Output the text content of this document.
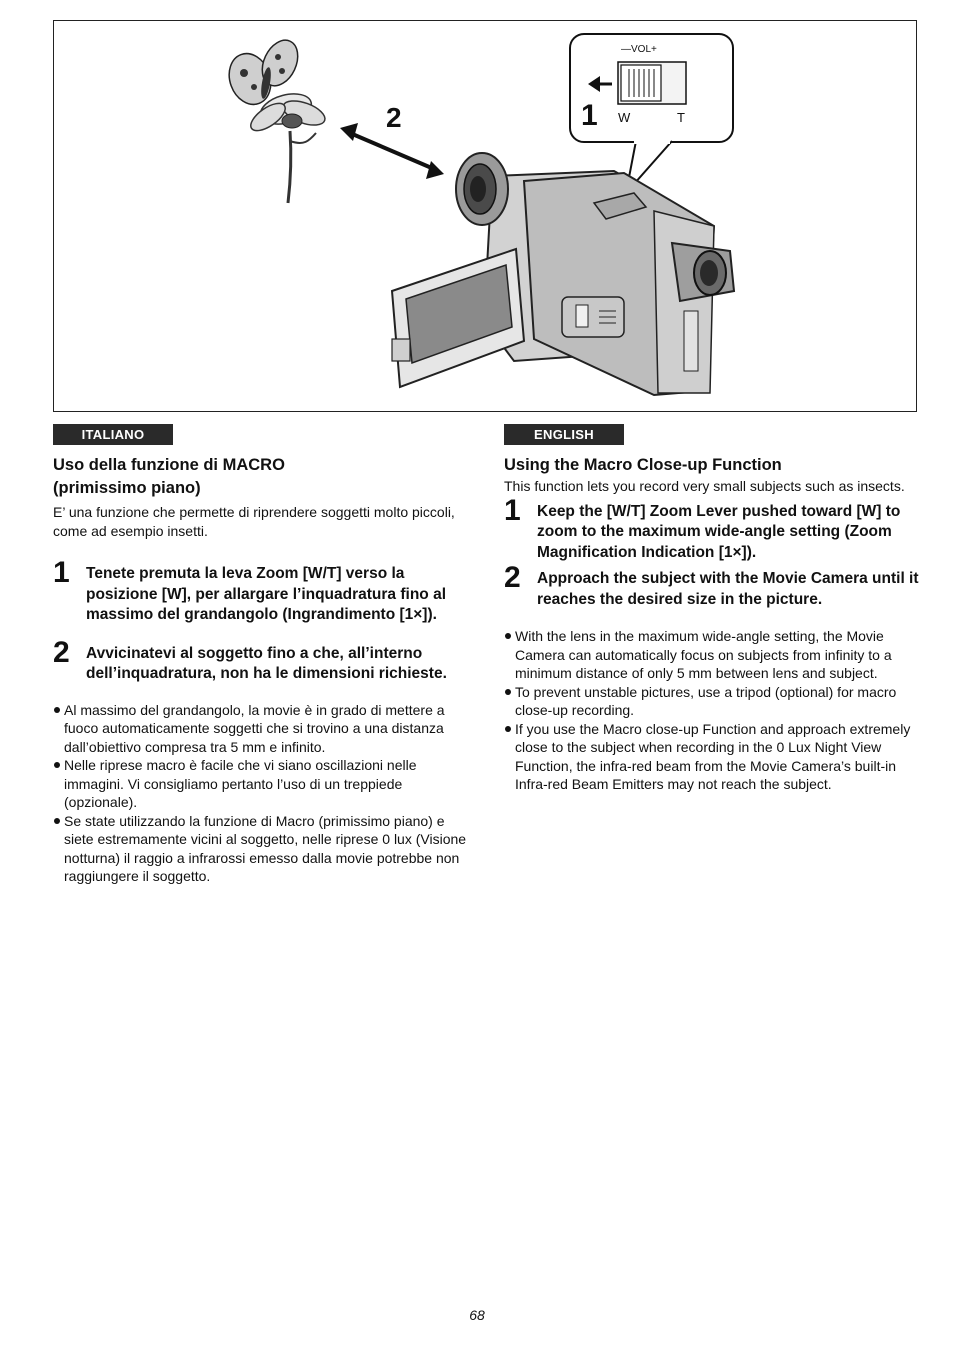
2
—VOL+
W	T
1
ITALIANO
Uso della funzione di MACRO
(primissimo piano)
E’ una funzione che permette di riprendere soggetti molto piccoli, come ad esempio insetti.
1 Tenete premuta la leva Zoom [W/T] verso la posizione [W], per allargare l’inquadratura fino al massimo del grandangolo (Ingrandimento [1×]).
2 Avvicinatevi al soggetto fino a che, all’interno dell’inquadratura, non ha le dimensioni richieste.
Al massimo del grandangolo, la movie è in grado di mettere a fuoco automaticamente soggetti che si trovino a una distanza dall’obiettivo compresa tra 5 mm e infinito.
Nelle riprese macro è facile che vi siano oscillazioni nelle immagini. Vi consigliamo pertanto l’uso di un treppiede (opzionale).
Se state utilizzando la funzione di Macro (primissimo piano) e siete estremamente vicini al soggetto, nelle riprese 0 lux (Visione notturna) il raggio a infrarossi emesso dalla movie potrebbe non raggiungere il soggetto.
ENGLISH
Using the Macro Close-up Function
This function lets you record very small subjects such as insects.
1 Keep the [W/T] Zoom Lever pushed toward [W] to zoom to the maximum wide-angle setting (Zoom Magnification Indication [1×]).
2 Approach the subject with the Movie Camera until it reaches the desired size in the picture.
With the lens in the maximum wide-angle setting, the Movie Camera can automatically focus on subjects from infinity to a minimum distance of only 5 mm between lens and subject.
To prevent unstable pictures, use a tripod (optional) for macro close-up recording.
If you use the Macro close-up Function and approach extremely close to the subject when recording in the 0 Lux Night View Function, the infra-red beam from the Movie Camera’s built-in Infra-red Beam Emitters may not reach the subject.
68
